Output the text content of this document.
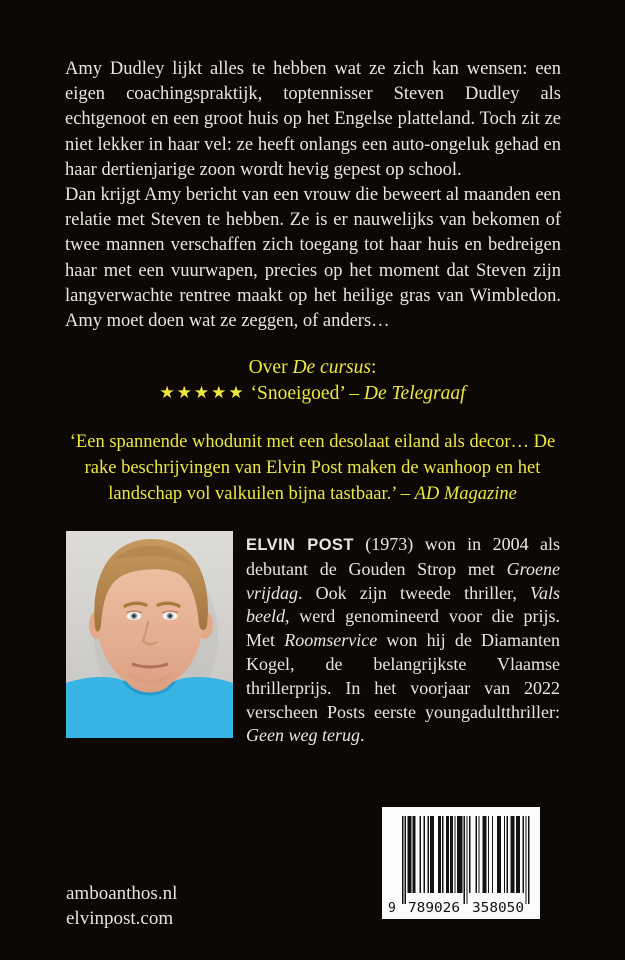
Amy Dudley lijkt alles te hebben wat ze zich kan wensen: een eigen coachingspraktijk, toptennisser Steven Dudley als echtgenoot en een groot huis op het Engelse platteland. Toch zit ze niet lekker in haar vel: ze heeft onlangs een auto-ongeluk gehad en haar dertienjarige zoon wordt hevig gepest op school.

Dan krijgt Amy bericht van een vrouw die beweert al maanden een relatie met Steven te hebben. Ze is er nauwelijks van bekomen of twee mannen verschaffen zich toegang tot haar huis en bedreigen haar met een vuurwapen, precies op het moment dat Steven zijn langverwachte rentree maakt op het heilige gras van Wimbledon. Amy moet doen wat ze zeggen, of anders…

Over De cursus:
★★★★★ ‘Snoeigoed’ – De Telegraaf
‘Een spannende whodunit met een desolaat eiland als decor… De rake beschrijvingen van Elvin Post maken de wanhoop en het landschap vol valkuilen bijna tastbaar.’ – AD Magazine

ELVIN POST (1973) won in 2004 als debutant de Gouden Strop met Groene vrijdag. Ook zijn tweede thriller, Vals beeld, werd genomineerd voor die prijs. Met Roomservice won hij de Diamanten Kogel, de belangrijkste Vlaamse thrillerprijs. In het voorjaar van 2022 verscheen Posts eerste youngadultthriller: Geen weg terug.

amboanthos.nl
elvinpost.com	9 789026 358050
